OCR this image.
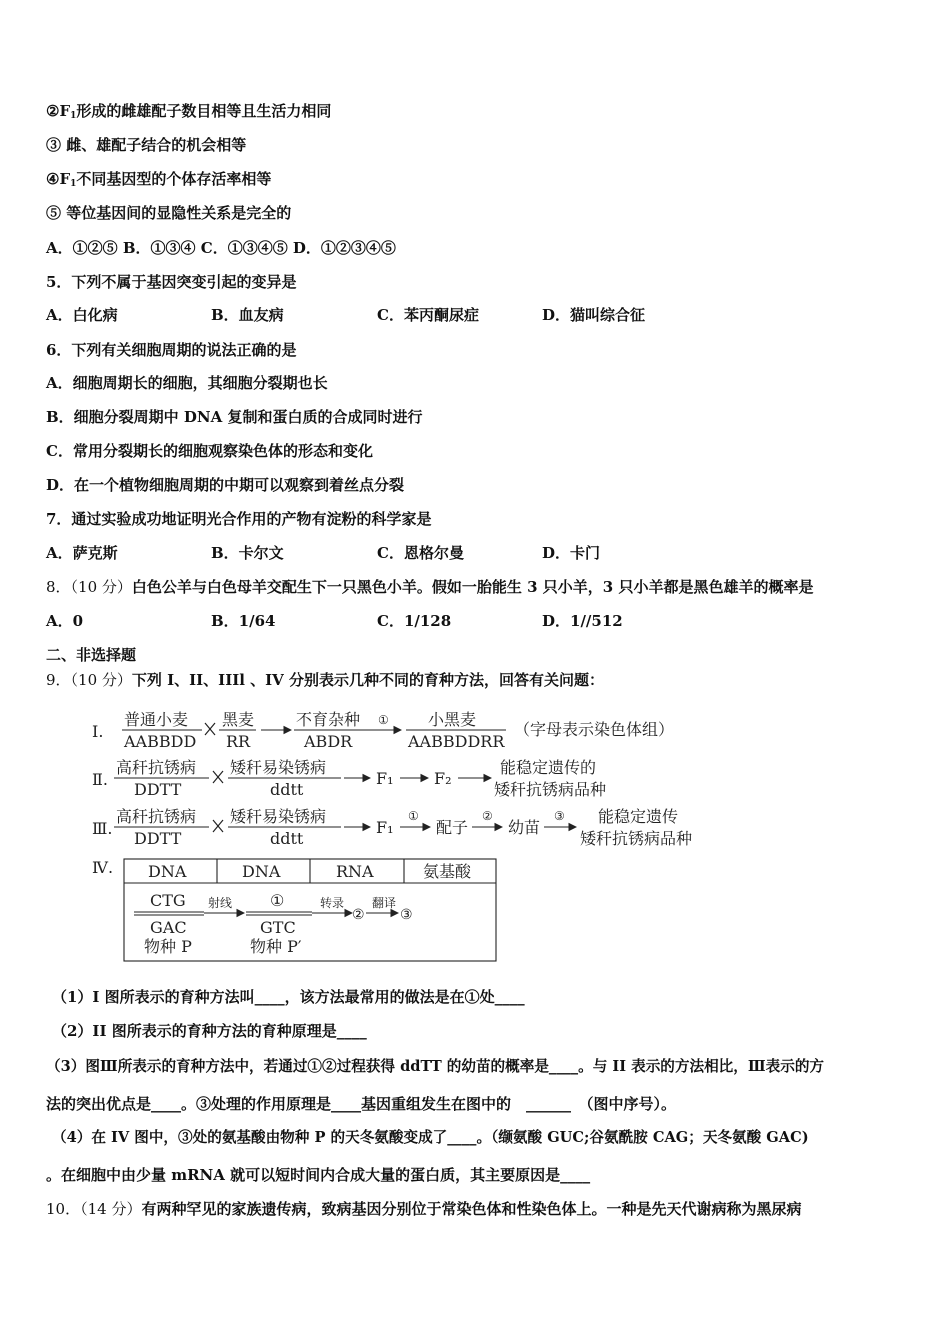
$②F_1$形成的雌雄配子数目相等且生活力相同
③ 雌、雄配子结合的机会相等
$④F_1$不同基因型的个体存活率相等
⑤ 等位基因间的显隐性关系是完全的
A．①②⑤ B．①③④ C．①③④⑤ D．①②③④⑤
5．下列不属于基因突变引起的变异是
A．白化病	B．血友病	C．苯丙酮尿症	D．猫叫综合征
6．下列有关细胞周期的说法正确的是
A．细胞周期长的细胞，其细胞分裂期也长
B．细胞分裂周期中 DNA 复制和蛋白质的合成同时进行
C．常用分裂期长的细胞观察染色体的形态和变化
D．在一个植物细胞周期的中期可以观察到着丝点分裂
7．通过实验成功地证明光合作用的产物有淀粉的科学家是
A．萨克斯	B．卡尔文	C．恩格尔曼	D．卡门
8．（10 分）白色公羊与白色母羊交配生下一只黑色小羊。假如一胎能生 3 只小羊，3 只小羊都是黑色雄羊的概率是
A．0	B．1/64	C．1/128	D．1//512
二、非选择题
9．（10 分）下列 I、II、IIIl 、IV 分别表示几种不同的育种方法，回答有关问题：
Ⅰ.
普通小麦
AABBDD
黑麦
RR
不育杂种
ABDR
① 小黑麦
AABBDDRR
（字母表示染色体组）
Ⅱ.
高秆抗锈病
DDTT
矮秆易染锈病
ddtt
F₁	F₂
能稳定遗传的
矮秆抗锈病品种
Ⅲ.
高秆抗锈病
DDTT
矮秆易染锈病
ddtt
F₁
①
配子
②
幼苗
③ 能稳定遗传
矮秆抗锈病品种
Ⅳ. DNA	DNA	RNA	氨基酸
CTG
GAC
物种 P
射线 ①
GTC
物种 P′
转录
②
翻译
③
（1）I 图所表示的育种方法叫____，该方法最常用的做法是在①处____
（2）II 图所表示的育种方法的育种原理是____
（3）图Ⅲ所表示的育种方法中，若通过①②过程获得 ddTT 的幼苗的概率是____。与 II 表示的方法相比，Ⅲ表示的方
法的突出优点是____。③处理的作用原理是____基因重组发生在图中的　______　（图中序号）。
（4）在 IV 图中，③处的氨基酸由物种 P 的天冬氨酸变成了____。（缬氨酸 GUC;谷氨酰胺 CAG；天冬氨酸 GAC)
。在细胞中由少量 mRNA 就可以短时间内合成大量的蛋白质，其主要原因是____
10．（14 分）有两种罕见的家族遗传病，致病基因分别位于常染色体和性染色体上。一种是先天代谢病称为黑尿病
